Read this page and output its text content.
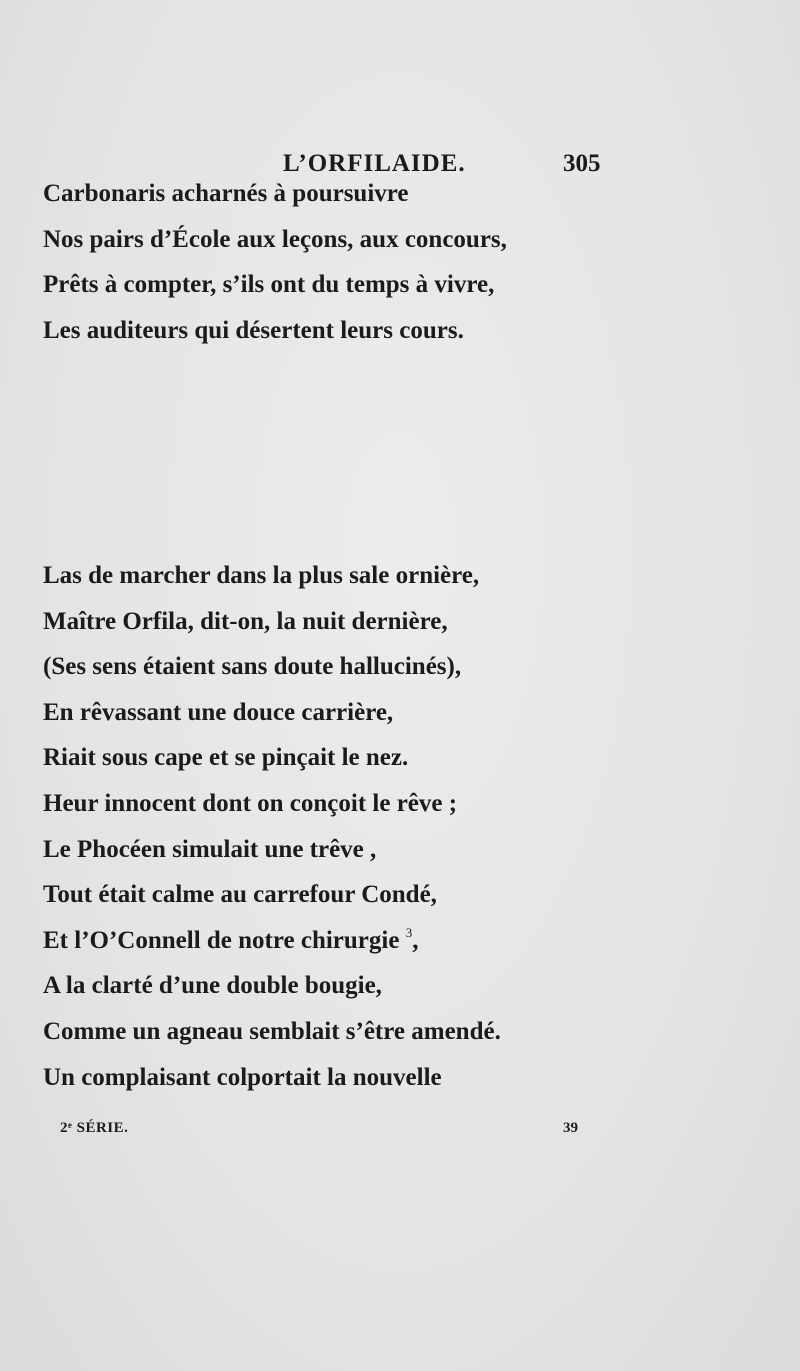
L’ORFILAIDE.	305
Carbonaris acharnés à poursuivre
Nos pairs d’École aux leçons, aux concours,
Prêts à compter, s’ils ont du temps à vivre,
Les auditeurs qui désertent leurs cours.
Las de marcher dans la plus sale ornière,
Maître Orfila, dit-on, la nuit dernière,
(Ses sens étaient sans doute hallucinés),
En rêvassant une douce carrière,
Riait sous cape et se pinçait le nez.
Heur innocent dont on conçoit le rêve ;
Le Phocéen simulait une trêve ,
Tout était calme au carrefour Condé,
Et l’O’Connell de notre chirurgie $^3$,
A la clarté d’une double bougie,
Comme un agneau semblait s’être amendé.
Un complaisant colportait la nouvelle
2ᵉ SÉRIE.	39
